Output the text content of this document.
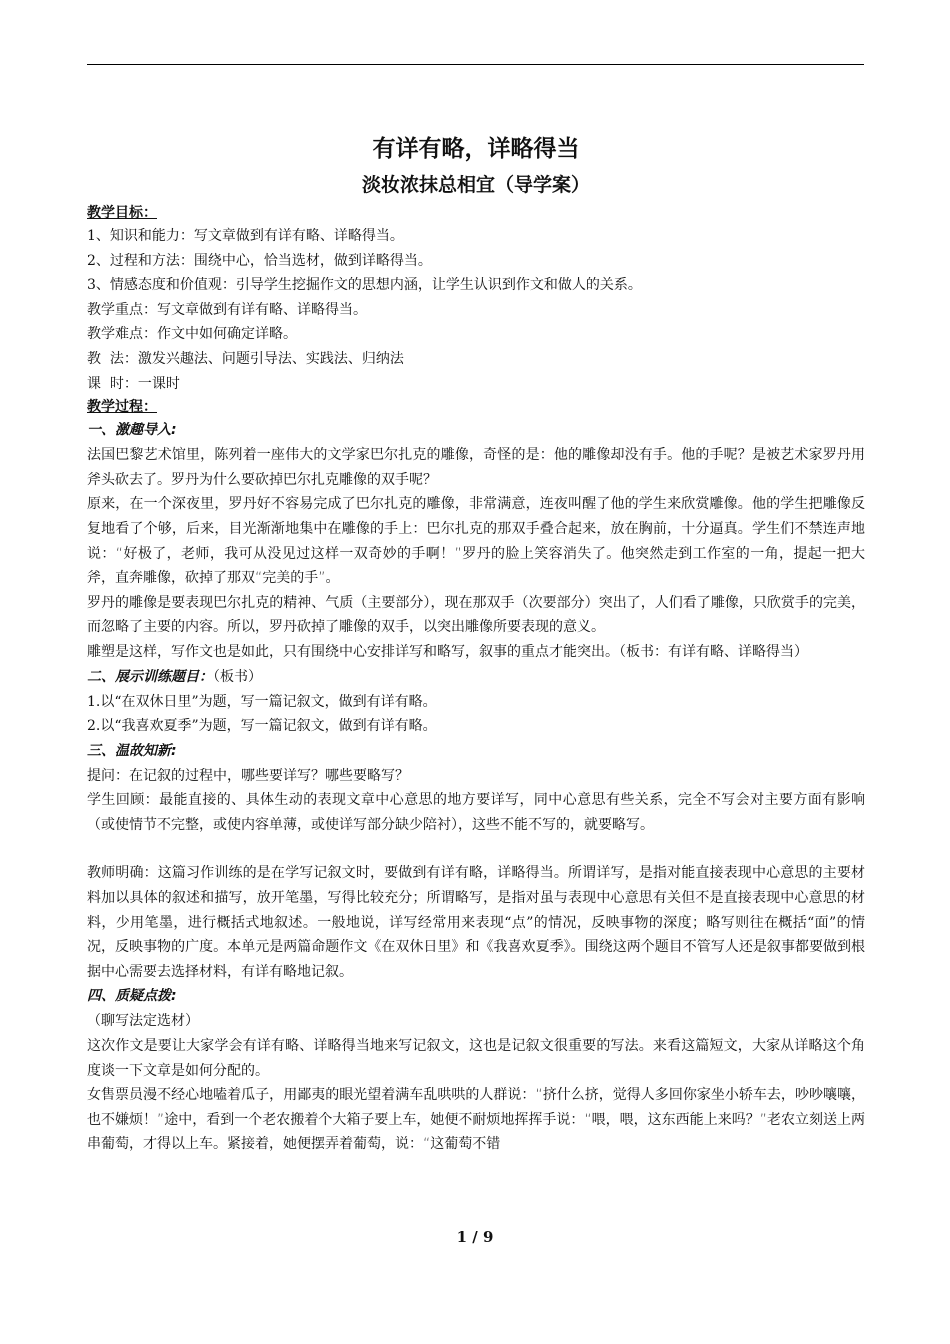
有详有略，详略得当
淡妆浓抹总相宜（导学案）

教学目标：

1、知识和能力：写文章做到有详有略、详略得当。

2、过程和方法：围绕中心，恰当选材，做到详略得当。

3、情感态度和价值观：引导学生挖掘作文的思想内涵，让学生认识到作文和做人的关系。

教学重点：写文章做到有详有略、详略得当。

教学难点：作文中如何确定详略。

教  法：激发兴趣法、问题引导法、实践法、归纳法

课  时：一课时

教学过程：

一、激趣导入:

法国巴黎艺术馆里，陈列着一座伟大的文学家巴尔扎克的雕像，奇怪的是：他的雕像却没有手。他的手呢？是被艺术家罗丹用斧头砍去了。罗丹为什么要砍掉巴尔扎克雕像的双手呢？

原来，在一个深夜里，罗丹好不容易完成了巴尔扎克的雕像，非常满意，连夜叫醒了他的学生来欣赏雕像。他的学生把雕像反复地看了个够，后来，目光渐渐地集中在雕像的手上：巴尔扎克的那双手叠合起来，放在胸前，十分逼真。学生们不禁连声地说：“好极了，老师，我可从没见过这样一双奇妙的手啊！”罗丹的脸上笑容消失了。他突然走到工作室的一角，提起一把大斧，直奔雕像，砍掉了那双“完美的手”。

罗丹的雕像是要表现巴尔扎克的精神、气质（主要部分），现在那双手（次要部分）突出了，人们看了雕像，只欣赏手的完美，而忽略了主要的内容。所以，罗丹砍掉了雕像的双手，以突出雕像所要表现的意义。

雕塑是这样，写作文也是如此，只有围绕中心安排详写和略写，叙事的重点才能突出。（板书：有详有略、详略得当）

二、展示训练题目：（板书）

1.以“在双休日里”为题，写一篇记叙文，做到有详有略。

2.以“我喜欢夏季”为题，写一篇记叙文，做到有详有略。

三、温故知新:

提问：在记叙的过程中，哪些要详写？哪些要略写？

学生回顾：最能直接的、具体生动的表现文章中心意思的地方要详写，同中心意思有些关系，完全不写会对主要方面有影响（或使情节不完整，或使内容单薄，或使详写部分缺少陪衬），这些不能不写的，就要略写。

教师明确：这篇习作训练的是在学写记叙文时，要做到有详有略，详略得当。所谓详写，是指对能直接表现中心意思的主要材料加以具体的叙述和描写，放开笔墨，写得比较充分；所谓略写，是指对虽与表现中心意思有关但不是直接表现中心意思的材料，少用笔墨，进行概括式地叙述。一般地说，详写经常用来表现“点”的情况，反映事物的深度；略写则往在概括“面”的情况，反映事物的广度。本单元是两篇命题作文《在双休日里》和《我喜欢夏季》。围绕这两个题目不管写人还是叙事都要做到根据中心需要去选择材料，有详有略地记叙。

四、质疑点拨:

（聊写法定选材）

这次作文是要让大家学会有详有略、详略得当地来写记叙文，这也是记叙文很重要的写法。来看这篇短文，大家从详略这个角度谈一下文章是如何分配的。

女售票员漫不经心地嗑着瓜子，用鄙夷的眼光望着满车乱哄哄的人群说：“挤什么挤，觉得人多回你家坐小轿车去，吵吵嚷嚷，也不嫌烦！”途中，看到一个老农搬着个大箱子要上车，她便不耐烦地挥挥手说：“喂，喂，这东西能上来吗？”老农立刻送上两串葡萄，才得以上车。紧接着，她便摆弄着葡萄，说：“这葡萄不错

1 / 9
